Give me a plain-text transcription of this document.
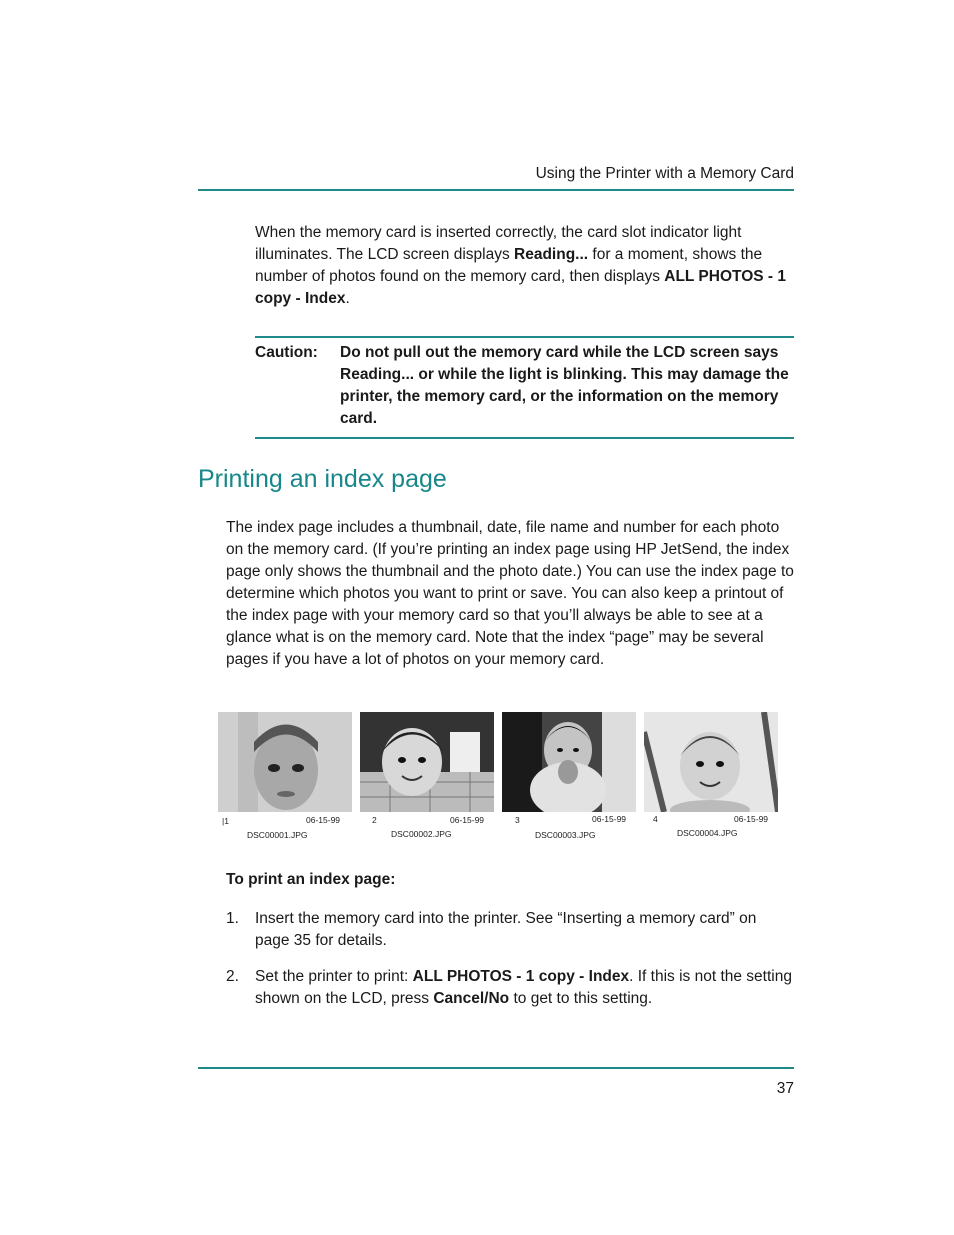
Using the Printer with a Memory Card

When the memory card is inserted correctly, the card slot indicator light illuminates. The LCD screen displays Reading... for a moment, shows the number of photos found on the memory card, then displays ALL PHOTOS - 1 copy - Index.

Caution: Do not pull out the memory card while the LCD screen says Reading... or while the light is blinking. This may damage the printer, the memory card, or the information on the memory card.

Printing an index page

The index page includes a thumbnail, date, file name and number for each photo on the memory card. (If you’re printing an index page using HP JetSend, the index page only shows the thumbnail and the photo date.) You can use the index page to determine which photos you want to print or save. You can also keep a printout of the index page with your memory card so that you’ll always be able to see at a glance what is on the memory card. Note that the index “page” may be several pages if you have a lot of photos on your memory card.

|1	06-15-99
DSC00001.JPG
2	06-15-99
DSC00002.JPG
3	06-15-99
DSC00003.JPG
4	06-15-99
DSC00004.JPG
To print an index page:
1. Insert the memory card into the printer. See “Inserting a memory card” on page 35 for details.

2. Set the printer to print: ALL PHOTOS - 1 copy - Index. If this is not the setting shown on the LCD, press Cancel/No to get to this setting.

37
